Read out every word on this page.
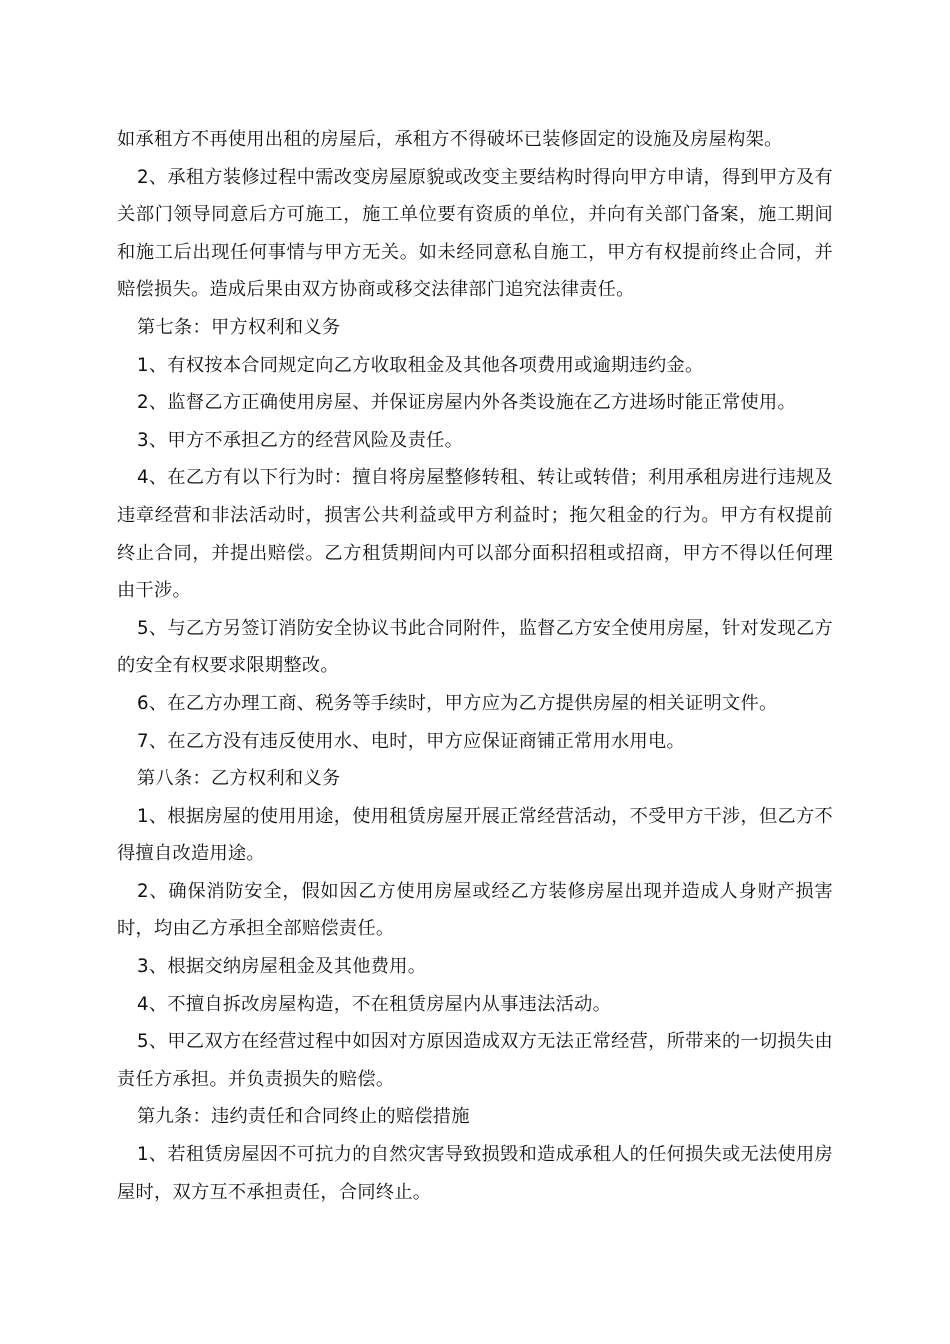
如承租方不再使用出租的房屋后，承租方不得破坏已装修固定的设施及房屋构架。

2、承租方装修过程中需改变房屋原貌或改变主要结构时得向甲方申请，得到甲方及有关部门领导同意后方可施工，施工单位要有资质的单位，并向有关部门备案，施工期间和施工后出现任何事情与甲方无关。如未经同意私自施工，甲方有权提前终止合同，并赔偿损失。造成后果由双方协商或移交法律部门追究法律责任。

第七条：甲方权利和义务

1、有权按本合同规定向乙方收取租金及其他各项费用或逾期违约金。

2、监督乙方正确使用房屋、并保证房屋内外各类设施在乙方进场时能正常使用。

3、甲方不承担乙方的经营风险及责任。

4、在乙方有以下行为时：擅自将房屋整修转租、转让或转借；利用承租房进行违规及违章经营和非法活动时，损害公共利益或甲方利益时；拖欠租金的行为。甲方有权提前终止合同，并提出赔偿。乙方租赁期间内可以部分面积招租或招商，甲方不得以任何理由干涉。

5、与乙方另签订消防安全协议书此合同附件，监督乙方安全使用房屋，针对发现乙方的安全有权要求限期整改。

6、在乙方办理工商、税务等手续时，甲方应为乙方提供房屋的相关证明文件。

7、在乙方没有违反使用水、电时，甲方应保证商铺正常用水用电。

第八条：乙方权利和义务

1、根据房屋的使用用途，使用租赁房屋开展正常经营活动，不受甲方干涉，但乙方不得擅自改造用途。

2、确保消防安全，假如因乙方使用房屋或经乙方装修房屋出现并造成人身财产损害时，均由乙方承担全部赔偿责任。

3、根据交纳房屋租金及其他费用。

4、不擅自拆改房屋构造，不在租赁房屋内从事违法活动。

5、甲乙双方在经营过程中如因对方原因造成双方无法正常经营，所带来的一切损失由责任方承担。并负责损失的赔偿。

第九条：违约责任和合同终止的赔偿措施

1、若租赁房屋因不可抗力的自然灾害导致损毁和造成承租人的任何损失或无法使用房屋时，双方互不承担责任，合同终止。
